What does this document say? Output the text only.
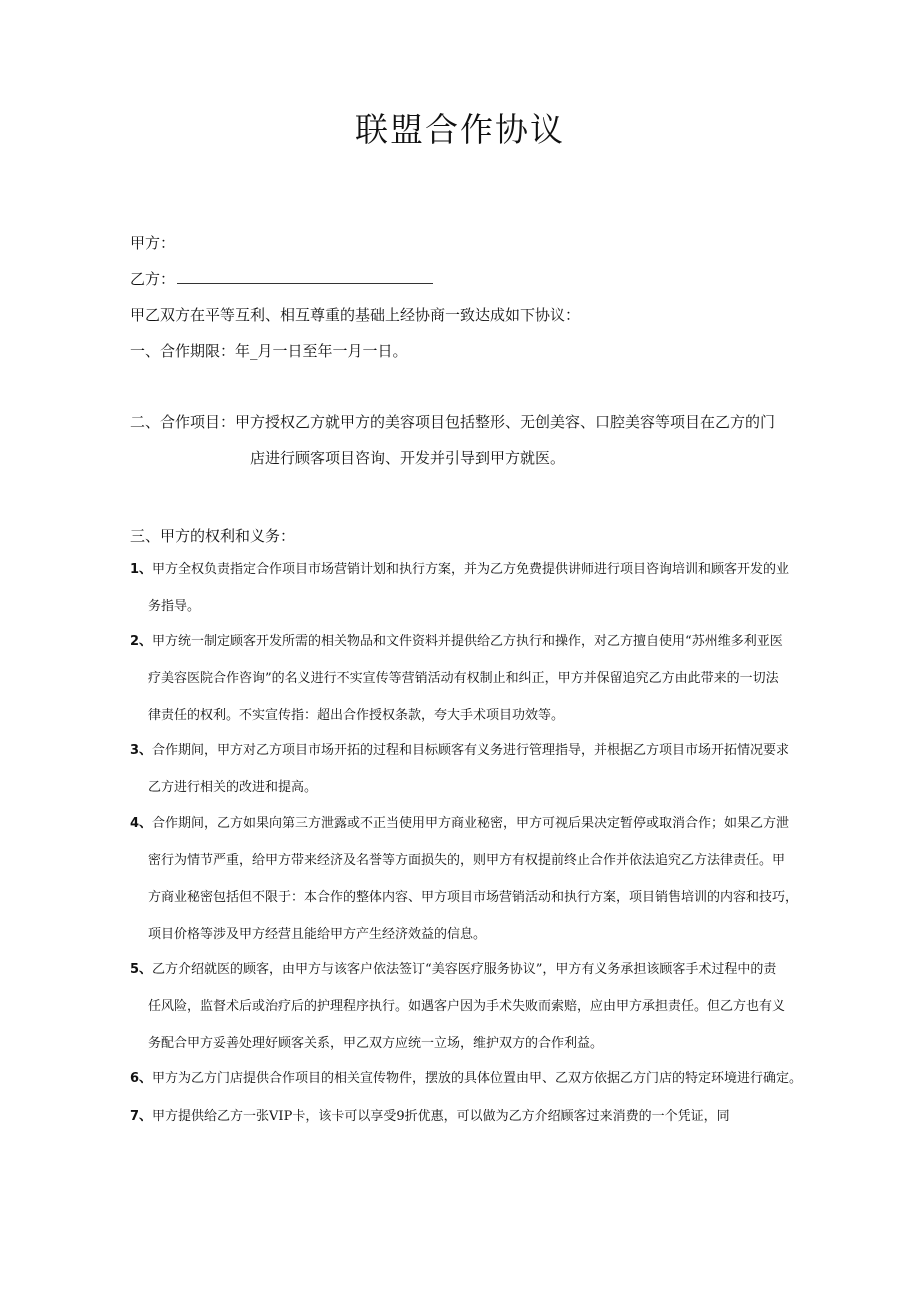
联盟合作协议

甲方：

乙方：

甲乙双方在平等互利、相互尊重的基础上经协商一致达成如下协议：

一、合作期限：年_月一日至年一月一日。

二、合作项目：甲方授权乙方就甲方的美容项目包括整形、无创美容、口腔美容等项目在乙方的门

店进行顾客项目咨询、开发并引导到甲方就医。

三、甲方的权利和义务：

1、甲方全权负责指定合作项目市场营销计划和执行方案，并为乙方免费提供讲师进行项目咨询培训和顾客开发的业
务指导。
2、甲方统一制定顾客开发所需的相关物品和文件资料并提供给乙方执行和操作，对乙方擅自使用“苏州维多利亚医
疗美容医院合作咨询”的名义进行不实宣传等营销活动有权制止和纠正，甲方并保留追究乙方由此带来的一切法
律责任的权利。不实宣传指：超出合作授权条款，夸大手术项目功效等。
3、合作期间，甲方对乙方项目市场开拓的过程和目标顾客有义务进行管理指导，并根据乙方项目市场开拓情况要求
乙方进行相关的改进和提高。
4、合作期间，乙方如果向第三方泄露或不正当使用甲方商业秘密，甲方可视后果决定暂停或取消合作；如果乙方泄
密行为情节严重，给甲方带来经济及名誉等方面损失的，则甲方有权提前终止合作并依法追究乙方法律责任。甲
方商业秘密包括但不限于：本合作的整体内容、甲方项目市场营销活动和执行方案，项目销售培训的内容和技巧，
项目价格等涉及甲方经营且能给甲方产生经济效益的信息。
5、乙方介绍就医的顾客，由甲方与该客户依法签订“美容医疗服务协议”，甲方有义务承担该顾客手术过程中的责
任风险，监督术后或治疗后的护理程序执行。如遇客户因为手术失败而索赔，应由甲方承担责任。但乙方也有义
务配合甲方妥善处理好顾客关系，甲乙双方应统一立场，维护双方的合作利益。
6、甲方为乙方门店提供合作项目的相关宣传物件，摆放的具体位置由甲、乙双方依据乙方门店的特定环境进行确定。
7、甲方提供给乙方一张VIP卡，该卡可以享受9折优惠，可以做为乙方介绍顾客过来消费的一个凭证，同
